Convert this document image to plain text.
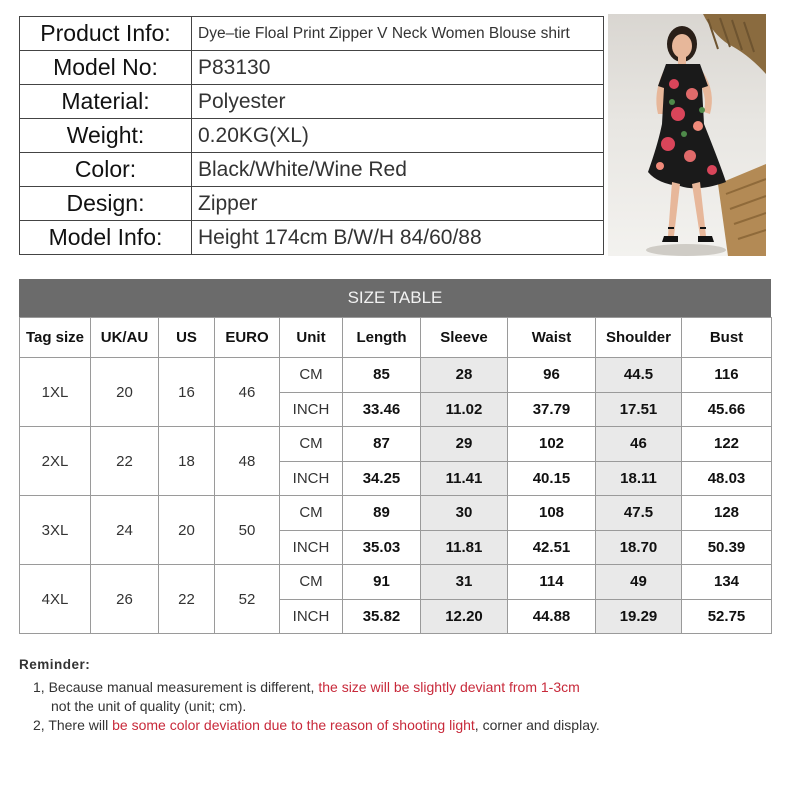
Product Info:	Dye–tie Floal Print Zipper V Neck Women Blouse shirt
Model No:	P83130
Material:	Polyester
Weight:	0.20KG(XL)
Color:	Black/White/Wine Red
Design:	Zipper
Model Info:	Height 174cm B/W/H 84/60/88
SIZE TABLE
Tag size	UK/AU	US	EURO	Unit	Length	Sleeve	Waist	Shoulder	Bust
1XL	20	16	46	CM	85	28	96	44.5	116
				INCH	33.46	11.02	37.79	17.51	45.66
2XL	22	18	48	CM	87	29	102	46	122
				INCH	34.25	11.41	40.15	18.11	48.03
3XL	24	20	50	CM	89	30	108	47.5	128
				INCH	35.03	11.81	42.51	18.70	50.39
4XL	26	22	52	CM	91	31	114	49	134
				INCH	35.82	12.20	44.88	19.29	52.75
Reminder:
1, Because manual measurement is different, the size will be slightly deviant from 1-3cm
not the unit of quality (unit; cm).
2, There will be some color deviation due to the reason of shooting light, corner and display.
